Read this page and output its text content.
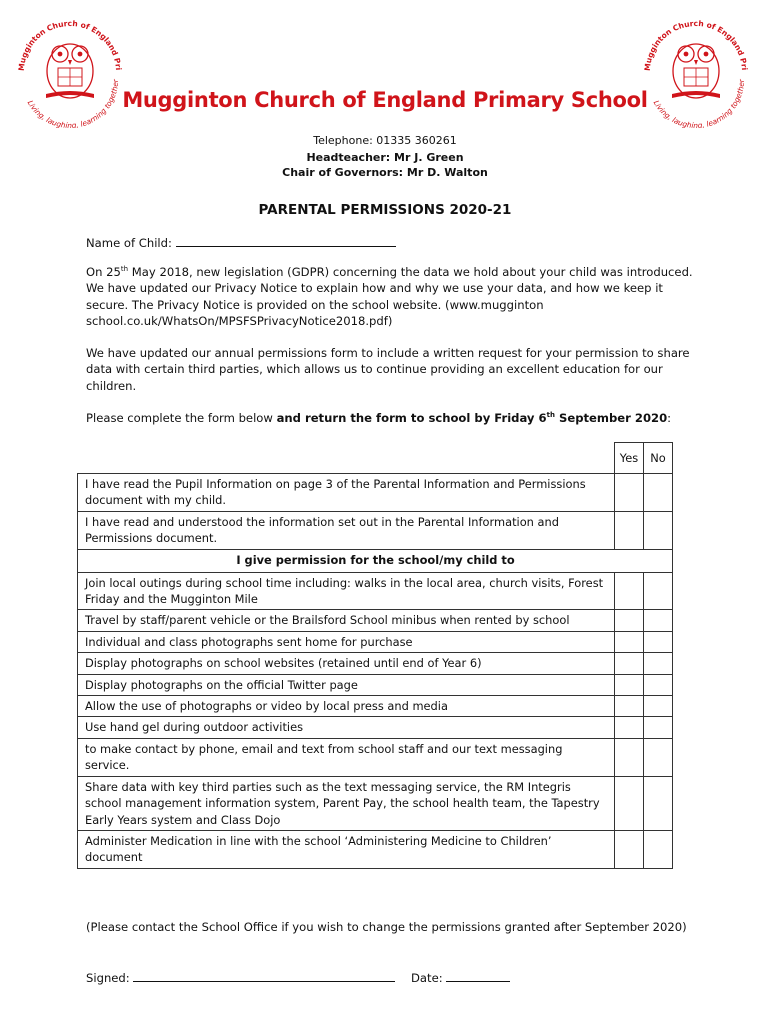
Mugginton Church of England Pri
Living, laughing, learning together
Mugginton Church of England Pri
Living, laughing, learning together
Mugginton Church of England Primary School
Telephone: 01335 360261
Headteacher: Mr J. Green
Chair of Governors: Mr D. Walton
PARENTAL PERMISSIONS 2020-21
Name of Child:
On 25th May 2018, new legislation (GDPR) concerning the data we hold about your child was introduced. We have updated our Privacy Notice to explain how and why we use your data, and how we keep it secure. The Privacy Notice is provided on the school website. (www.mugginton school.co.uk/WhatsOn/MPSFSPrivacyNotice2018.pdf)
We have updated our annual permissions form to include a written request for your permission to share data with certain third parties, which allows us to continue providing an excellent education for our children.
Please complete the form below and return the form to school by Friday 6th September 2020:
	Yes	No
I have read the Pupil Information on page 3 of the Parental Information and Permissions document with my child.		
I have read and understood the information set out in the Parental Information and Permissions document.		
I give permission for the school/my child to		
Join local outings during school time including: walks in the local area, church visits, Forest Friday and the Mugginton Mile		
Travel by staff/parent vehicle or the Brailsford School minibus when rented by school		
Individual and class photographs sent home for purchase		
Display photographs on school websites (retained until end of Year 6)		
Display photographs on the official Twitter page		
Allow the use of photographs or video by local press and media		
Use hand gel during outdoor activities		
to make contact by phone, email and text from school staff and our text messaging service.		
Share data with key third parties such as the text messaging service, the RM Integris school management information system, Parent Pay, the school health team, the Tapestry Early Years system and Class Dojo		
Administer Medication in line with the school ‘Administering Medicine to Children’ document		
(Please contact the School Office if you wish to change the permissions granted after September 2020)
Signed:	Date:
